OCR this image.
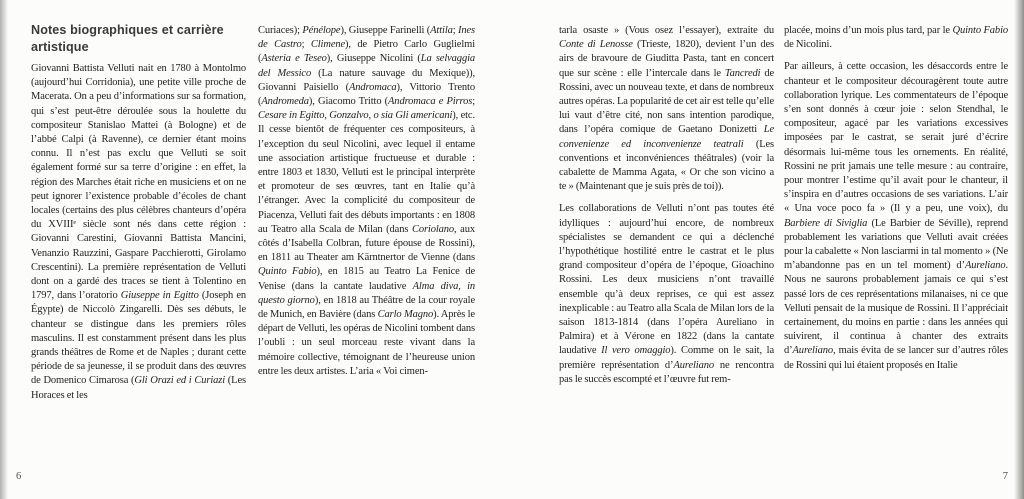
Notes biographiques et carrière artistique

Giovanni Battista Velluti nait en 1780 à Montolmo (aujourd’hui Corridonia), une petite ville proche de Macerata. On a peu d’informations sur sa formation, qui s’est peut-être déroulée sous la houlette du compositeur Stanislao Mattei (à Bologne) et de l’abbé Calpi (à Ravenne), ce dernier étant moins connu. Il n’est pas exclu que Velluti se soit également formé sur sa terre d’origine : en effet, la région des Marches était riche en musiciens et on ne peut ignorer l’existence probable d’écoles de chant locales (certains des plus célèbres chanteurs d’opéra du XVIIIᵉ siècle sont nés dans cette région : Giovanni Carestini, Giovanni Battista Mancini, Venanzio Rauzzini, Gaspare Pacchierotti, Girolamo Crescentini). La première représentation de Velluti dont on a gardé des traces se tient à Tolentino en 1797, dans l’oratorio Giuseppe in Egitto (Joseph en Égypte) de Niccolò Zingarelli. Dès ses débuts, le chanteur se distingue dans les premiers rôles masculins. Il est constamment présent dans les plus grands théâtres de Rome et de Naples ; durant cette période de sa jeunesse, il se produit dans des œuvres de Domenico Cimarosa (Gli Orazi ed i Curiazi (Les Horaces et les

Curiaces); Pénélope), Giuseppe Farinelli (Attila; Ines de Castro; Climene), de Pietro Carlo Guglielmi (Asteria e Teseo), Giuseppe Nicolini (La selvaggia del Messico (La nature sauvage du Mexique)), Giovanni Paisiello (Andromaca), Vittorio Trento (Andromeda), Giacomo Tritto (Andromaca e Pirros; Cesare in Egitto, Gonzalvo, o sia Gli americani), etc. Il cesse bientôt de fréquenter ces compositeurs, à l’exception du seul Nicolini, avec lequel il entame une association artistique fructueuse et durable : entre 1803 et 1830, Velluti est le principal interprète et promoteur de ses œuvres, tant en Italie qu’à l’étranger. Avec la complicité du compositeur de Piacenza, Velluti fait des débuts importants : en 1808 au Teatro alla Scala de Milan (dans Coriolano, aux côtés d’Isabella Colbran, future épouse de Rossini), en 1811 au Theater am Kärntnertor de Vienne (dans Quinto Fabio), en 1815 au Teatro La Fenice de Venise (dans la cantate laudative Alma diva, in questo giorno), en 1818 au Théâtre de la cour royale de Munich, en Bavière (dans Carlo Magno). Après le départ de Velluti, les opéras de Nicolini tombent dans l’oubli : un seul morceau reste vivant dans la mémoire collective, témoignant de l’heureuse union entre les deux artistes. L’aria « Voi cimen-

6

tarla osaste » (Vous osez l’essayer), extraite du Conte di Lenosse (Trieste, 1820), devient l’un des airs de bravoure de Giuditta Pasta, tant en concert que sur scène : elle l’intercale dans le Tancredi de Rossini, avec un nouveau texte, et dans de nombreux autres opéras. La popularité de cet air est telle qu’elle lui vaut d’être cité, non sans intention parodique, dans l’opéra comique de Gaetano Donizetti Le convenienze ed inconvenienze teatrali (Les conventions et inconvéniences théâtrales) (voir la cabalette de Mamma Agata, « Or che son vicino a te » (Maintenant que je suis près de toi)).

Les collaborations de Velluti n’ont pas toutes été idylliques : aujourd’hui encore, de nombreux spécialistes se demandent ce qui a déclenché l’hypothétique hostilité entre le castrat et le plus grand compositeur d’opéra de l’époque, Gioachino Rossini. Les deux musiciens n’ont travaillé ensemble qu’à deux reprises, ce qui est assez inexplicable : au Teatro alla Scala de Milan lors de la saison 1813-1814 (dans l’opéra Aureliano in Palmira) et à Vérone en 1822 (dans la cantate laudative Il vero omaggio). Comme on le sait, la première représentation d’Aureliano ne rencontra pas le succès escompté et l’œuvre fut rem-

placée, moins d’un mois plus tard, par le Quinto Fabio de Nicolini.

Par ailleurs, à cette occasion, les désaccords entre le chanteur et le compositeur découragèrent toute autre collaboration lyrique. Les commentateurs de l’époque s’en sont donnés à cœur joie : selon Stendhal, le compositeur, agacé par les variations excessives imposées par le castrat, se serait juré d’écrire désormais lui-même tous les ornements. En réalité, Rossini ne prit jamais une telle mesure : au contraire, pour montrer l’estime qu’il avait pour le chanteur, il s’inspira en d’autres occasions de ses variations. L’air « Una voce poco fa » (Il y a peu, une voix), du Barbiere di Siviglia (Le Barbier de Séville), reprend probablement les variations que Velluti avait créées pour la cabalette « Non lasciarmi in tal momento » (Ne m’abandonne pas en un tel moment) d’Aureliano. Nous ne saurons probablement jamais ce qui s’est passé lors de ces représentations milanaises, ni ce que Velluti pensait de la musique de Rossini. Il l’appréciait certainement, du moins en partie : dans les années qui suivirent, il continua à chanter des extraits d’Aureliano, mais évita de se lancer sur d’autres rôles de Rossini qui lui étaient proposés en Italie

7
